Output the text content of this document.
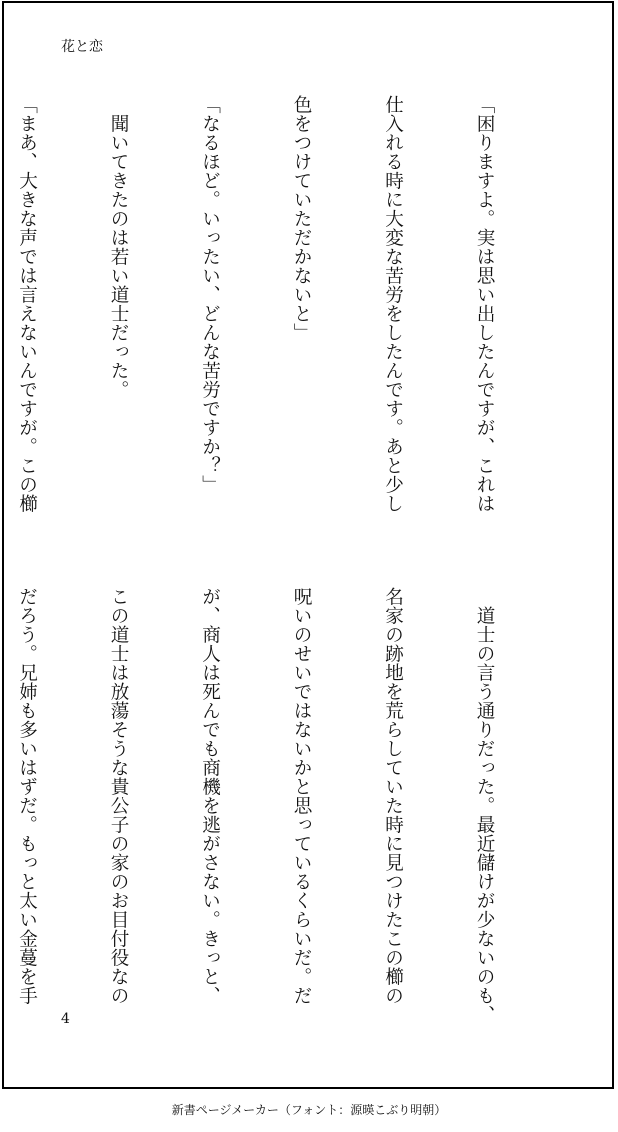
花と恋

「困りますよ。実は思い出したんですが、これは

仕入れる時に大変な苦労をしたんです。あと少し

色をつけていただかないと」

「なるほど。いったい、どんな苦労ですか？」

　聞いてきたのは若い道士だった。

「まあ、大きな声では言えないんですが。この櫛

　道士の言う通りだった。最近儲けが少ないのも、

名家の跡地を荒らしていた時に見つけたこの櫛の

呪いのせいではないかと思っているくらいだ。だ

が、商人は死んでも商機を逃がさない。きっと、

この道士は放蕩そうな貴公子の家のお目付役なの

だろう。兄姉も多いはずだ。もっと太い金蔓を手

4
新書ページメーカー（フォント：源暎こぶり明朝）
